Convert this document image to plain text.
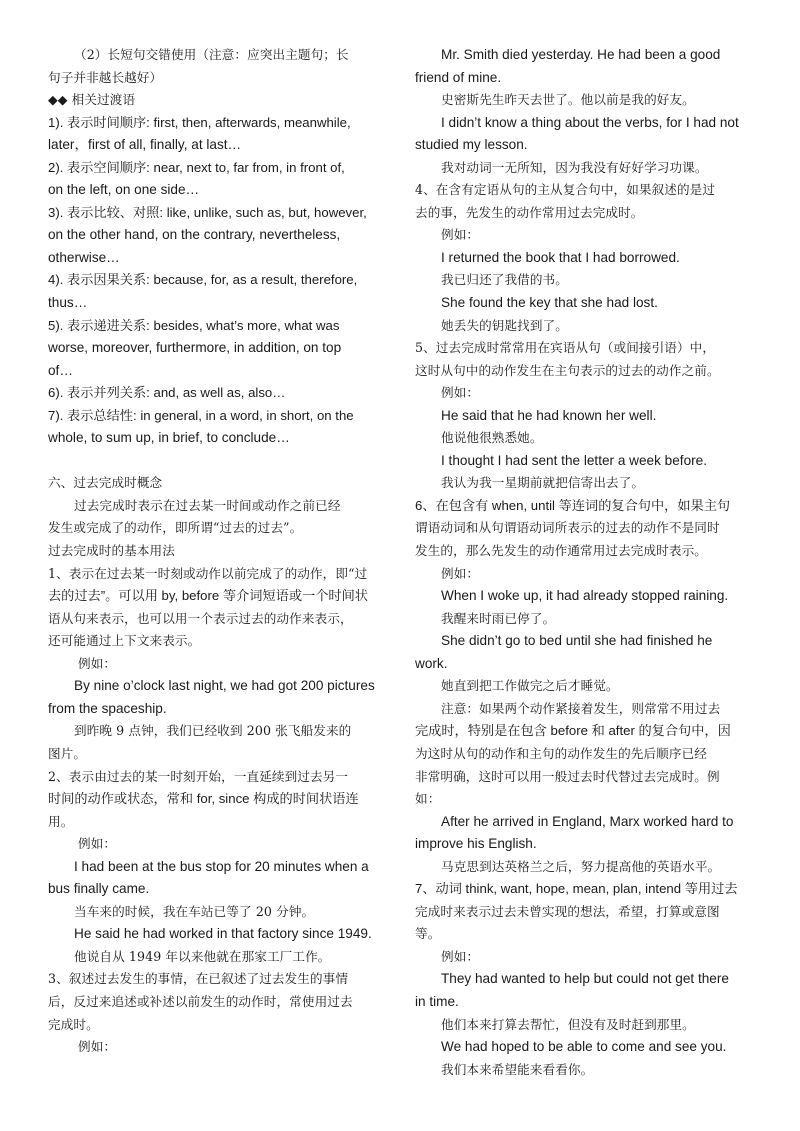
（2）长短句交错使用（注意：应突出主题句；长
句子并非越长越好）
◆◆ 相关过渡语
1). 表示时间顺序: first, then, afterwards, meanwhile,
later，first of all, finally, at last…
2). 表示空间顺序: near, next to, far from, in front of,
on the left, on one side…
3). 表示比较、对照: like, unlike, such as, but, however,
on the other hand, on the contrary, nevertheless,
otherwise…
4). 表示因果关系: because, for, as a result, therefore,
thus…
5). 表示递进关系: besides, what’s more, what was
worse, moreover, furthermore, in addition, on top
of…
6). 表示并列关系: and, as well as, also…
7). 表示总结性: in general, in a word, in short, on the
whole, to sum up, in brief, to conclude…
六、过去完成时概念
过去完成时表示在过去某一时间或动作之前已经
发生或完成了的动作，即所谓“过去的过去”。
过去完成时的基本用法
1、表示在过去某一时刻或动作以前完成了的动作，即“过
去的过去”。可以用 by, before 等介词短语或一个时间状
语从句来表示，也可以用一个表示过去的动作来表示，
还可能通过上下文来表示。
例如：
By nine o’clock last night, we had got 200 pictures
from the spaceship.
到昨晚 9 点钟，我们已经收到 200 张飞船发来的
图片。
2、表示由过去的某一时刻开始，一直延续到过去另一
时间的动作或状态，常和 for, since 构成的时间状语连
用。
例如：
I had been at the bus stop for 20 minutes when a
bus finally came.
当车来的时候，我在车站已等了 20 分钟。
He said he had worked in that factory since 1949.
他说自从 1949 年以来他就在那家工厂工作。
3、叙述过去发生的事情，在已叙述了过去发生的事情
后，反过来追述或补述以前发生的动作时，常使用过去
完成时。
例如：
Mr. Smith died yesterday. He had been a good
friend of mine.
史密斯先生昨天去世了。他以前是我的好友。
I didn’t know a thing about the verbs, for I had not
studied my lesson.
我对动词一无所知，因为我没有好好学习功课。
4、在含有定语从句的主从复合句中，如果叙述的是过
去的事，先发生的动作常用过去完成时。
例如：
I returned the book that I had borrowed.
我已归还了我借的书。
She found the key that she had lost.
她丢失的钥匙找到了。
5、过去完成时常常用在宾语从句（或间接引语）中，
这时从句中的动作发生在主句表示的过去的动作之前。
例如：
He said that he had known her well.
他说他很熟悉她。
I thought I had sent the letter a week before.
我认为我一星期前就把信寄出去了。
6、在包含有 when, until 等连词的复合句中，如果主句
谓语动词和从句谓语动词所表示的过去的动作不是同时
发生的，那么先发生的动作通常用过去完成时表示。
例如：
When I woke up, it had already stopped raining.
我醒来时雨已停了。
She didn’t go to bed until she had finished he
work.
她直到把工作做完之后才睡觉。
注意：如果两个动作紧接着发生，则常常不用过去
完成时，特别是在包含 before 和 after 的复合句中，因
为这时从句的动作和主句的动作发生的先后顺序已经
非常明确，这时可以用一般过去时代替过去完成时。例
如：
After he arrived in England, Marx worked hard to
improve his English.
马克思到达英格兰之后，努力提高他的英语水平。
7、动词 think, want, hope, mean, plan, intend 等用过去
完成时来表示过去未曾实现的想法，希望，打算或意图
等。
例如：
They had wanted to help but could not get there
in time.
他们本来打算去帮忙，但没有及时赶到那里。
We had hoped to be able to come and see you.
我们本来希望能来看看你。
